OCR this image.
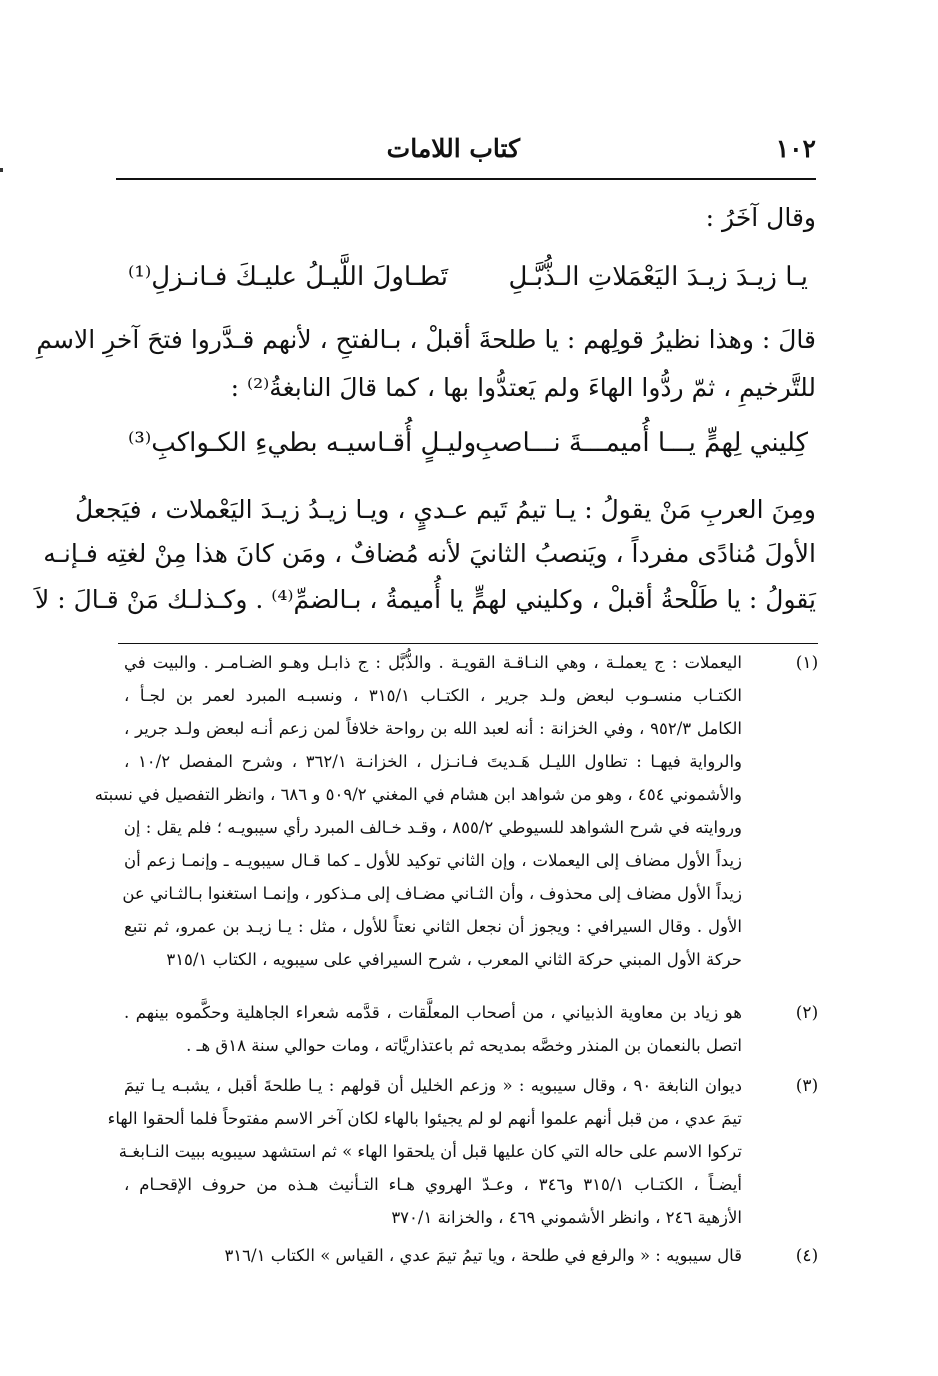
١٠٢
كتاب اللامات
وقال آخَرُ :
يـا زيـدَ زيـدَ اليَعْمَلاتِ الـذُّبَّـلِ
تَطـاولَ اللَّيـلُ عليـكَ فـانـزلِ⁽¹⁾
قالَ : وهذا نظيرُ قولِهم : يا طلحةَ أقبلْ ، بـالفتحِ ، لأنهم قـدَّروا فتحَ آخرِ الاسمِ
للتَّرخيمِ ، ثمّ ردُّوا الهاءَ ولم يَعتدُّوا بها ، كما قالَ النابغةُ⁽²⁾ :
كِليني لِهمٍّ يـــا أُميمـــةَ نـــاصبِ
وليـلٍ أُقـاسيـه بطيءِ الكـواكبِ⁽³⁾
ومِنَ العربِ مَنْ يقولُ : يـا تيمُ تَيم عـديٍ ، ويـا زيـدُ زيـدَ اليَعْملات ، فيَجعلُ
الأولَ مُنادًى مفرداً ، ويَنصبُ الثانيَ لأنه مُضافٌ ، ومَن كانَ هذا مِنْ لغتِه فـإنـه
يَقولُ : يا طَلْحةُ أقبلْ ، وكليني لهمٍّ يا أُميمةُ ، بـالضمِّ⁽⁴⁾ . وكـذلـك مَنْ قـالَ : لاَ
(١)
اليعملات : ج يعملـة ، وهي النـاقـة القويـة . والذُّبَّل : ج ذابـل وهـو الضـامـر . والبيت في
الكتـاب منسـوب لبعض ولـد جرير ، الكتـاب ٣١٥/١ ، ونسبـه المبرد لعمر بن لجـأ ،
الكامل ٩٥٢/٣ ، وفي الخزانة : أنه لعبد الله بن رواحة خلافاً لمن زعم أنـه لبعض ولـد جرير ،
والرواية فيهـا : تطاول الليـل هَـديتَ فـانـزل ، الخزانـة ٣٦٢/١ ، وشرح المفصل ١٠/٢ ،
والأشموني ٤٥٤ ، وهو من شواهد ابن هشام في المغني ٥٠٩/٢ و ٦٨٦ ، وانظر التفصيل في نسبته
وروايته في شرح الشواهد للسيوطي ٨٥٥/٢ ، وقـد خـالف المبرد رأي سيبويـه ؛ فلم يقل : إن
زيداً الأول مضاف إلى اليعملات ، وإن الثاني توكيد للأول ـ كما قـال سيبويـه ـ وإنمـا زعم أن
زيداً الأول مضاف إلى محذوف ، وأن الثـاني مضـاف إلى مـذكور ، وإنمـا استغنوا بـالثـاني عن
الأول . وقال السيرافي : ويجوز أن نجعل الثاني نعتاً للأول ، مثل : يـا زيـد بن عمرو، ثم نتبع
حركة الأول المبني حركة الثاني المعرب ، شرح السيرافي على سيبويه ، الكتاب ٣١٥/١
(٢)
هو زياد بن معاوية الذبياني ، من أصحاب المعلَّقات ، قدَّمه شعراء الجاهلية وحكَّموه بينهم .
اتصل بالنعمان بن المنذر وخصَّه بمديحه ثم باعتذاريَّاته ، ومات حوالي سنة ١٨ق هـ .
(٣)
ديوان النابغة ٩٠ ، وقال سيبويه : « وزعم الخليل أن قولهم : يـا طلحةَ أقبل ، يشبـه يـا تيمَ
تيمَ عدي ، من قبل أنهم علموا أنهم لو لم يجيئوا بالهاء لكان آخر الاسم مفتوحاً فلما ألحقوا الهاء
تركوا الاسم على حاله التي كان عليها قبل أن يلحقوا الهاء » ثم استشهد سيبويه ببيت النـابغـة
أيضـاً ، الكتـاب ٣١٥/١ و٣٤٦ ، وعـدّ الهروي هـاء التـأنيث هـذه من حروف الإقحـام ،
الأزهية ٢٤٦ ، وانظر الأشموني ٤٦٩ ، والخزانة ٣٧٠/١
(٤)
قال سيبويه : « والرفع في طلحة ، ويا تيمُ تيمَ عدي ، القياس » الكتاب ٣١٦/١
